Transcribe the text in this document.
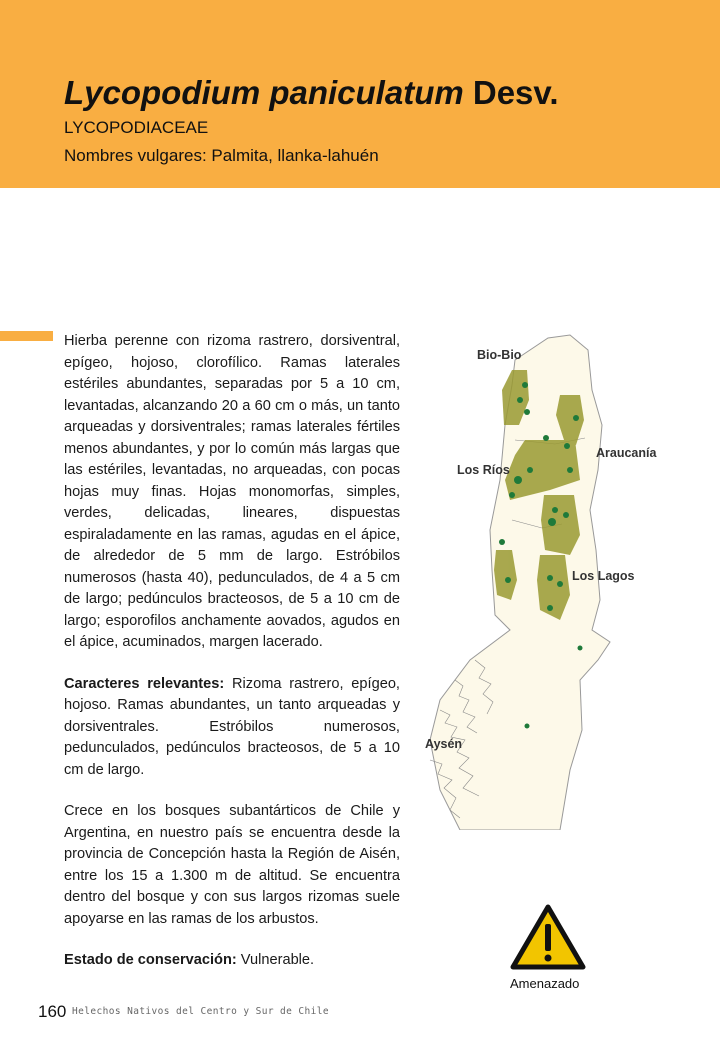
Lycopodium paniculatum Desv.
LYCOPODIACEAE
Nombres vulgares: Palmita, llanka-lahuén

Hierba perenne con rizoma rastrero, dorsiventral, epígeo, hojoso, clorofílico. Ramas laterales estériles abundantes, separadas por 5 a 10 cm, levantadas, alcanzando 20 a 60 cm o más, un tanto arqueadas y dorsiventrales; ramas laterales fértiles menos abundantes, y por lo común más largas que las estériles, levantadas, no arqueadas, con pocas hojas muy finas. Hojas monomorfas, simples, verdes, delicadas, lineares, dispuestas espiraladamente en las ramas, agudas en el ápice, de alrededor de 5 mm de largo. Estróbilos numerosos (hasta 40), pedunculados, de 4 a 5 cm de largo; pedúnculos bracteosos, de 5 a 10 cm de largo; esporofilos anchamente aovados, agudos en el ápice, acuminados, margen lacerado.

Caracteres relevantes: Rizoma rastrero, epígeo, hojoso. Ramas abundantes, un tanto arqueadas y dorsiventrales. Estróbilos numerosos, pedunculados, pedúnculos bracteosos, de 5 a 10 cm de largo.

Crece en los bosques subantárticos de Chile y Argentina, en nuestro país se encuentra desde la provincia de Concepción hasta la Región de Aisén, entre los 15 a 1.300 m de altitud. Se encuentra dentro del bosque y con sus largos rizomas suele apoyarse en las ramas de los arbustos.

Estado de conservación: Vulnerable.

Bio-Bio
Araucanía
Los Ríos
Los Lagos
Aysén
Amenazado
160 Helechos Nativos del Centro y Sur de Chile
